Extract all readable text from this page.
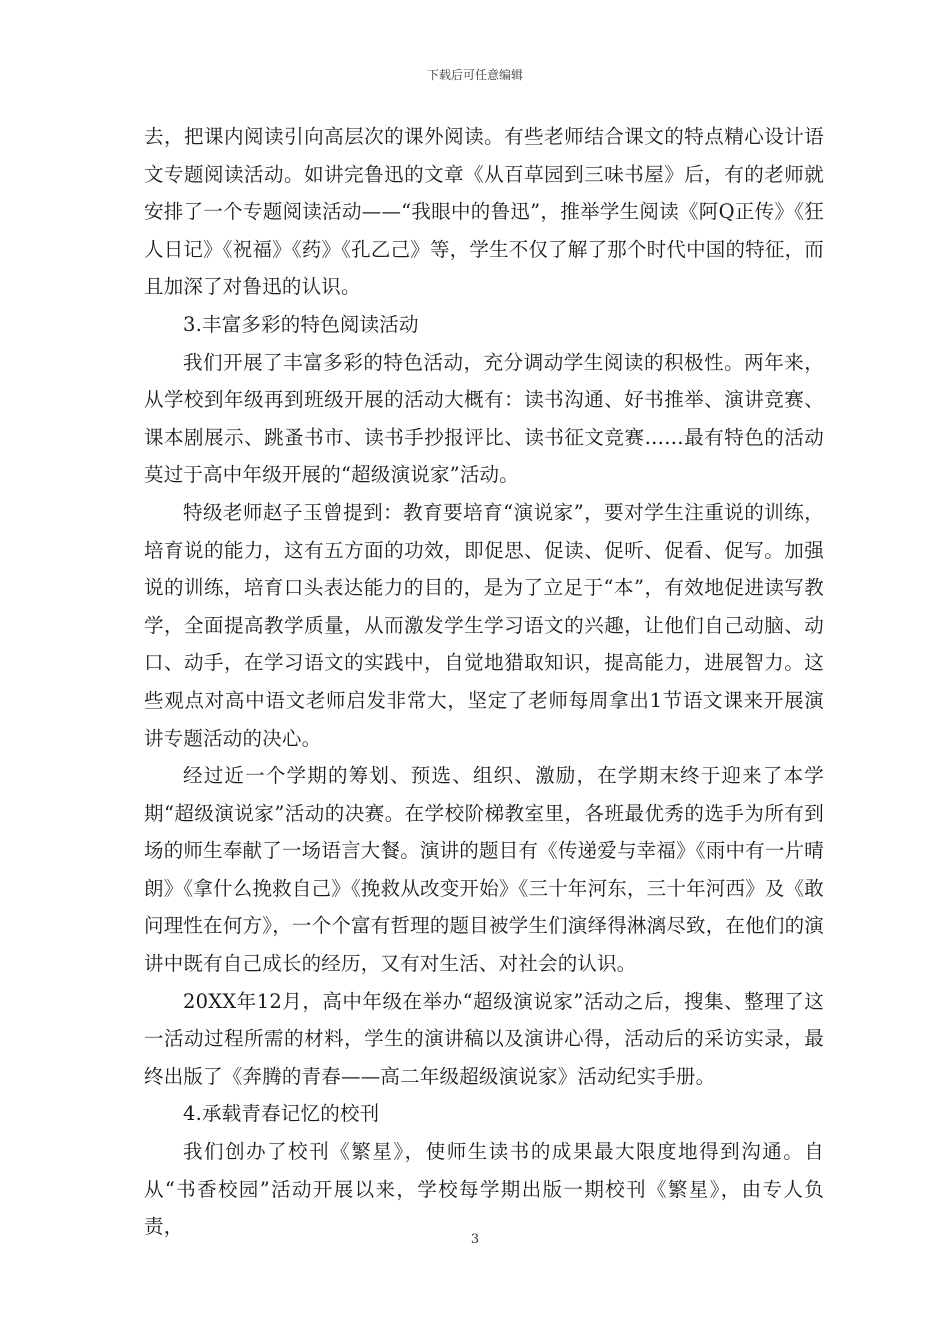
下载后可任意编辑

去，把课内阅读引向高层次的课外阅读。有些老师结合课文的特点精心设计语文专题阅读活动。如讲完鲁迅的文章《从百草园到三味书屋》后，有的老师就安排了一个专题阅读活动——“我眼中的鲁迅”，推举学生阅读《阿Q正传》《狂人日记》《祝福》《药》《孔乙己》等，学生不仅了解了那个时代中国的特征，而且加深了对鲁迅的认识。

3.丰富多彩的特色阅读活动

我们开展了丰富多彩的特色活动，充分调动学生阅读的积极性。两年来，从学校到年级再到班级开展的活动大概有：读书沟通、好书推举、演讲竞赛、课本剧展示、跳蚤书市、读书手抄报评比、读书征文竞赛……最有特色的活动莫过于高中年级开展的“超级演说家”活动。

特级老师赵子玉曾提到：教育要培育“演说家”，要对学生注重说的训练，培育说的能力，这有五方面的功效，即促思、促读、促听、促看、促写。加强说的训练，培育口头表达能力的目的，是为了立足于“本”，有效地促进读写教学，全面提高教学质量，从而激发学生学习语文的兴趣，让他们自己动脑、动口、动手，在学习语文的实践中，自觉地猎取知识，提高能力，进展智力。这些观点对高中语文老师启发非常大，坚定了老师每周拿出1节语文课来开展演讲专题活动的决心。

经过近一个学期的筹划、预选、组织、激励，在学期末终于迎来了本学期“超级演说家”活动的决赛。在学校阶梯教室里，各班最优秀的选手为所有到场的师生奉献了一场语言大餐。演讲的题目有《传递爱与幸福》《雨中有一片晴朗》《拿什么挽救自己》《挽救从改变开始》《三十年河东，三十年河西》及《敢问理性在何方》，一个个富有哲理的题目被学生们演绎得淋漓尽致，在他们的演讲中既有自己成长的经历，又有对生活、对社会的认识。

20XX年12月，高中年级在举办“超级演说家”活动之后，搜集、整理了这一活动过程所需的材料，学生的演讲稿以及演讲心得，活动后的采访实录，最终出版了《奔腾的青春——高二年级超级演说家》活动纪实手册。

4.承载青春记忆的校刊

我们创办了校刊《繁星》，使师生读书的成果最大限度地得到沟通。自从“书香校园”活动开展以来，学校每学期出版一期校刊《繁星》，由专人负责，

3
